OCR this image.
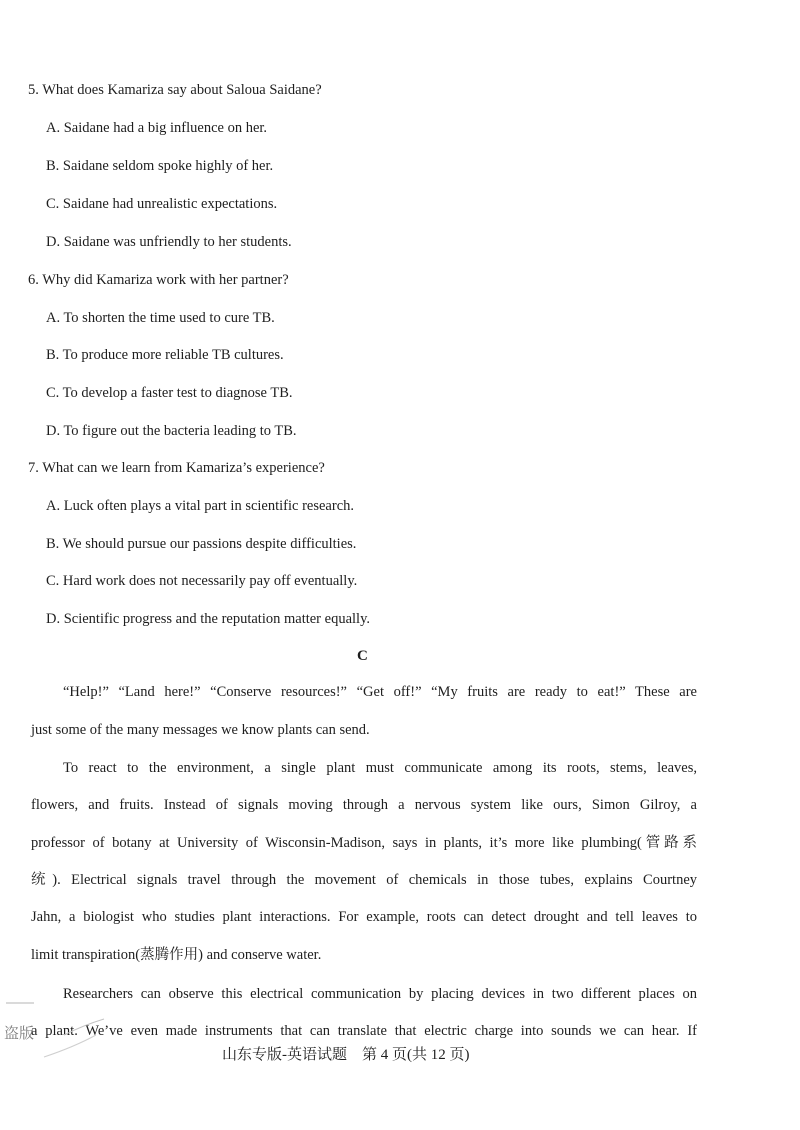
5. What does Kamariza say about Saloua Saidane?
A. Saidane had a big influence on her.
B. Saidane seldom spoke highly of her.
C. Saidane had unrealistic expectations.
D. Saidane was unfriendly to her students.
6. Why did Kamariza work with her partner?
A. To shorten the time used to cure TB.
B. To produce more reliable TB cultures.
C. To develop a faster test to diagnose TB.
D. To figure out the bacteria leading to TB.
7. What can we learn from Kamariza’s experience?
A. Luck often plays a vital part in scientific research.
B. We should pursue our passions despite difficulties.
C. Hard work does not necessarily pay off eventually.
D. Scientific progress and the reputation matter equally.
C
“Help!” “Land here!” “Conserve resources!” “Get off!” “My fruits are ready to eat!” These are
just some of the many messages we know plants can send.
To react to the environment, a single plant must communicate among its roots, stems, leaves,
flowers, and fruits. Instead of signals moving through a nervous system like ours, Simon Gilroy, a
professor of botany at University of Wisconsin-Madison, says in plants, it’s more like plumbing(管路系
统). Electrical signals travel through the movement of chemicals in those tubes, explains Courtney
Jahn, a biologist who studies plant interactions. For example, roots can detect drought and tell leaves to
limit transpiration(蒸腾作用) and conserve water.
Researchers can observe this electrical communication by placing devices in two different places on
a plant. We’ve even made instruments that can translate that electric charge into sounds we can hear. If
山东专版-英语试题　第 4 页(共 12 页)
盗版
